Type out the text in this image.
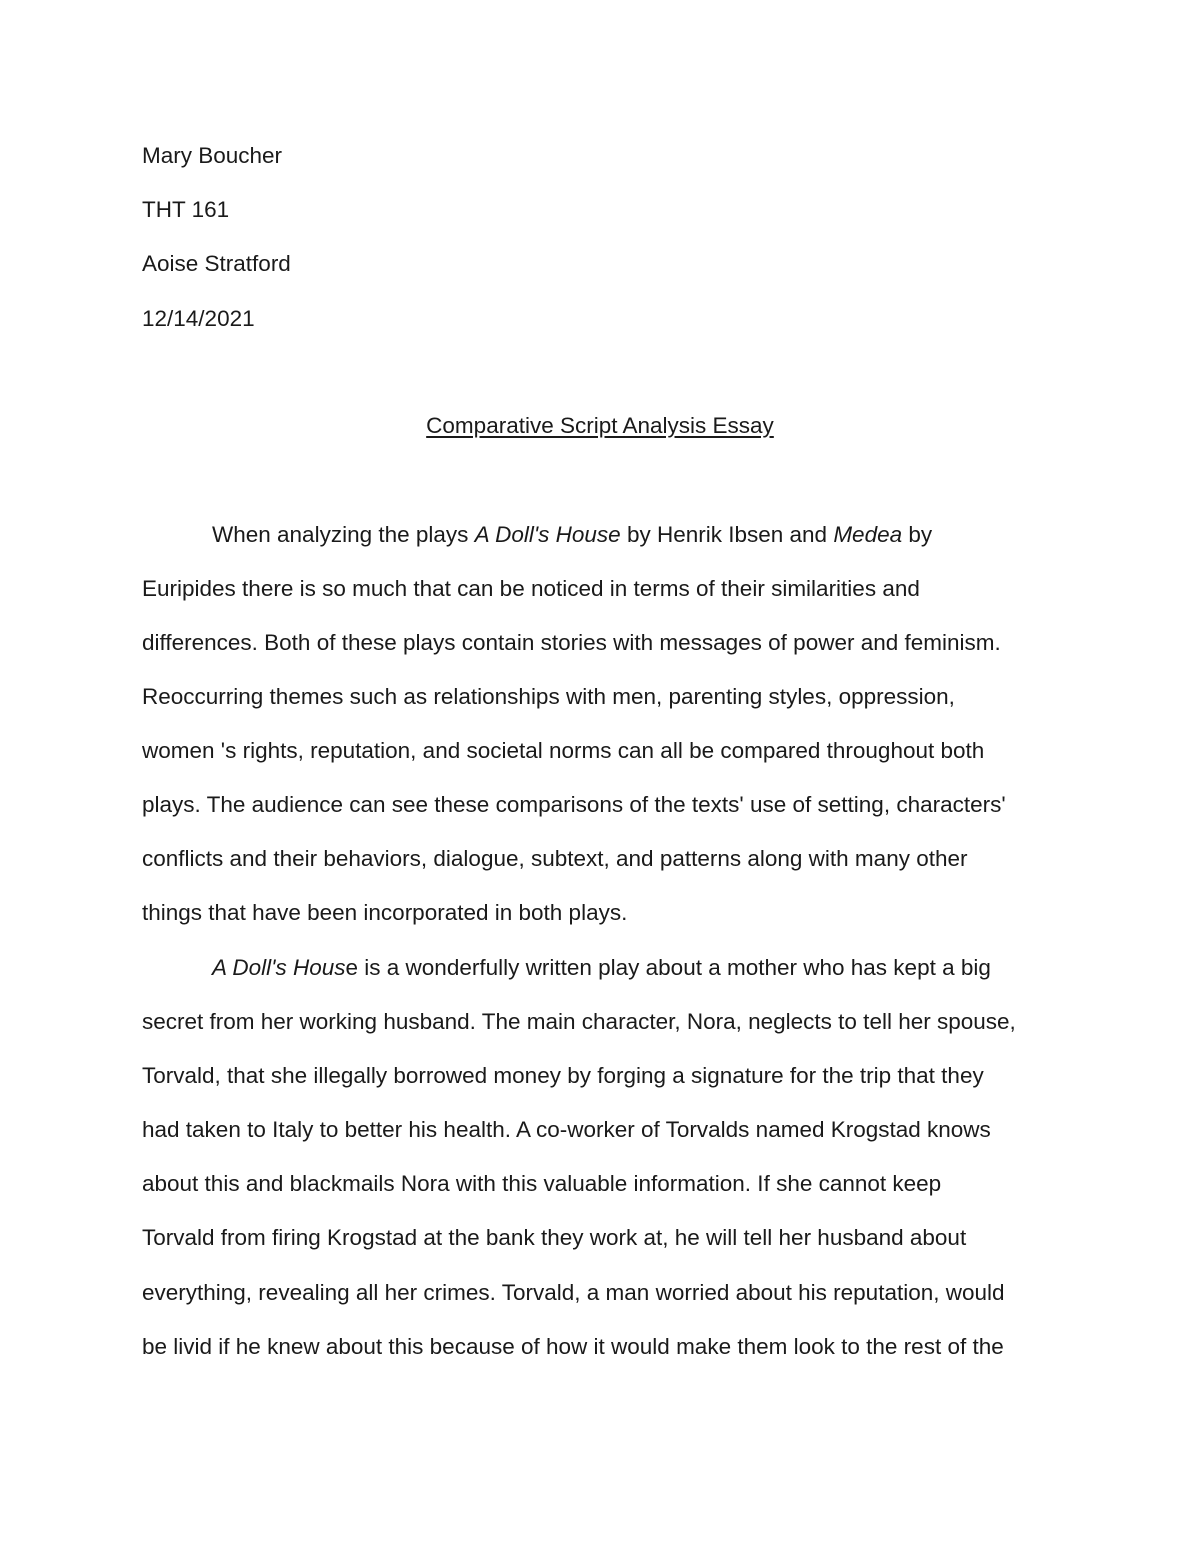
Mary Boucher
THT 161
Aoise Stratford
12/14/2021
Comparative Script Analysis Essay
When analyzing the plays A Doll's House by Henrik Ibsen and Medea by
Euripides there is so much that can be noticed in terms of their similarities and
differences. Both of these plays contain stories with messages of power and feminism.
Reoccurring themes such as relationships with men, parenting styles, oppression,
women 's rights, reputation, and societal norms can all be compared throughout both
plays. The audience can see these comparisons of the texts' use of setting, characters'
conflicts and their behaviors, dialogue, subtext, and patterns along with many other
things that have been incorporated in both plays.
A Doll's House is a wonderfully written play about a mother who has kept a big
secret from her working husband. The main character, Nora, neglects to tell her spouse,
Torvald, that she illegally borrowed money by forging a signature for the trip that they
had taken to Italy to better his health. A co-worker of Torvalds named Krogstad knows
about this and blackmails Nora with this valuable information. If she cannot keep
Torvald from firing Krogstad at the bank they work at, he will tell her husband about
everything, revealing all her crimes. Torvald, a man worried about his reputation, would
be livid if he knew about this because of how it would make them look to the rest of the
